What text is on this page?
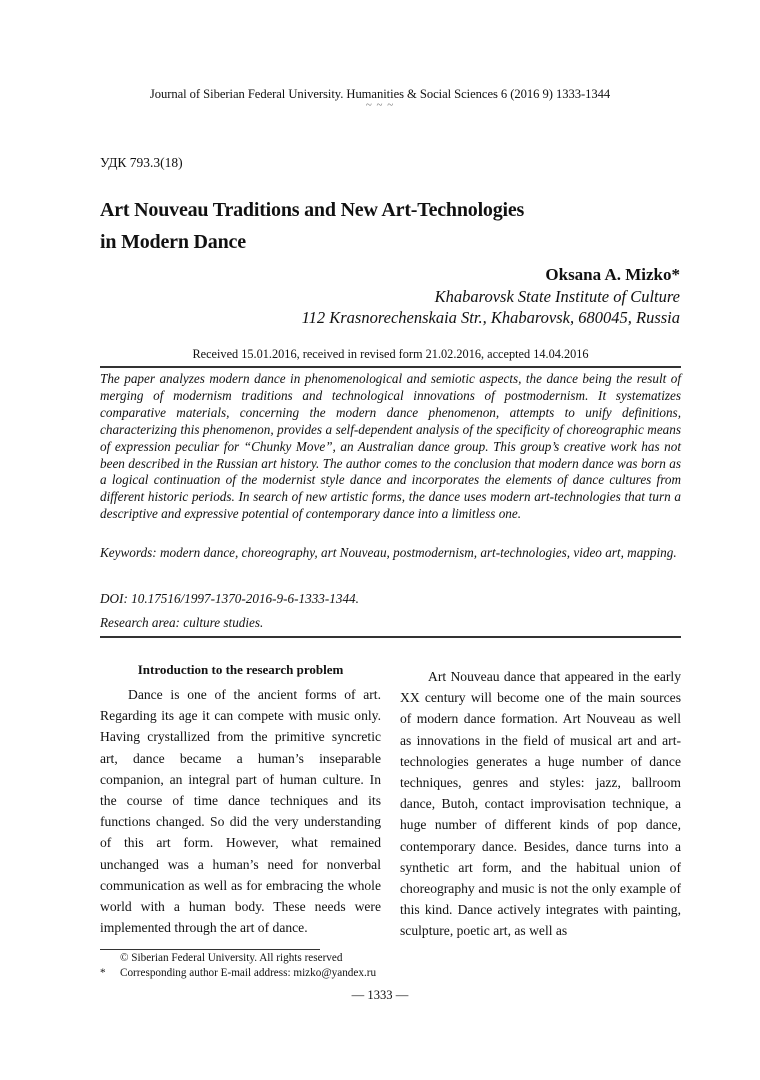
Journal of Siberian Federal University. Humanities & Social Sciences 6 (2016 9) 1333-1344
~ ~ ~
УДК 793.3(18)
Art Nouveau Traditions and New Art-Technologies
in Modern Dance
Oksana A. Mizko*
Khabarovsk State Institute of Culture
112 Krasnorechenskaia Str., Khabarovsk, 680045, Russia
Received 15.01.2016, received in revised form 21.02.2016, accepted 14.04.2016
The paper analyzes modern dance in phenomenological and semiotic aspects, the dance being the result of merging of modernism traditions and technological innovations of postmodernism. It systematizes comparative materials, concerning the modern dance phenomenon, attempts to unify definitions, characterizing this phenomenon, provides a self-dependent analysis of the specificity of choreographic means of expression peculiar for “Chunky Move”, an Australian dance group. This group’s creative work has not been described in the Russian art history. The author comes to the conclusion that modern dance was born as a logical continuation of the modernist style dance and incorporates the elements of dance cultures from different historic periods. In search of new artistic forms, the dance uses modern art-technologies that turn a descriptive and expressive potential of contemporary dance into a limitless one.
Keywords: modern dance, choreography, art Nouveau, postmodernism, art-technologies, video art, mapping.
DOI: 10.17516/1997-1370-2016-9-6-1333-1344.
Research area: culture studies.
Introduction to the research problem

Dance is one of the ancient forms of art. Regarding its age it can compete with music only. Having crystallized from the primitive syncretic art, dance became a human’s inseparable companion, an integral part of human culture. In the course of time dance techniques and its functions changed. So did the very understanding of this art form. However, what remained unchanged was a human’s need for nonverbal communication as well as for embracing the whole world with a human body. These needs were implemented through the art of dance.

Art Nouveau dance that appeared in the early XX century will become one of the main sources of modern dance formation. Art Nouveau as well as innovations in the field of musical art and art-technologies generates a huge number of dance techniques, genres and styles: jazz, ballroom dance, Butoh, contact improvisation technique, a huge number of different kinds of pop dance, contemporary dance. Besides, dance turns into a synthetic art form, and the habitual union of choreography and music is not the only example of this kind. Dance actively integrates with painting, sculpture, poetic art, as well as

© Siberian Federal University. All rights reserved
*	Corresponding author E-mail address: mizko@yandex.ru
— 1333 —
